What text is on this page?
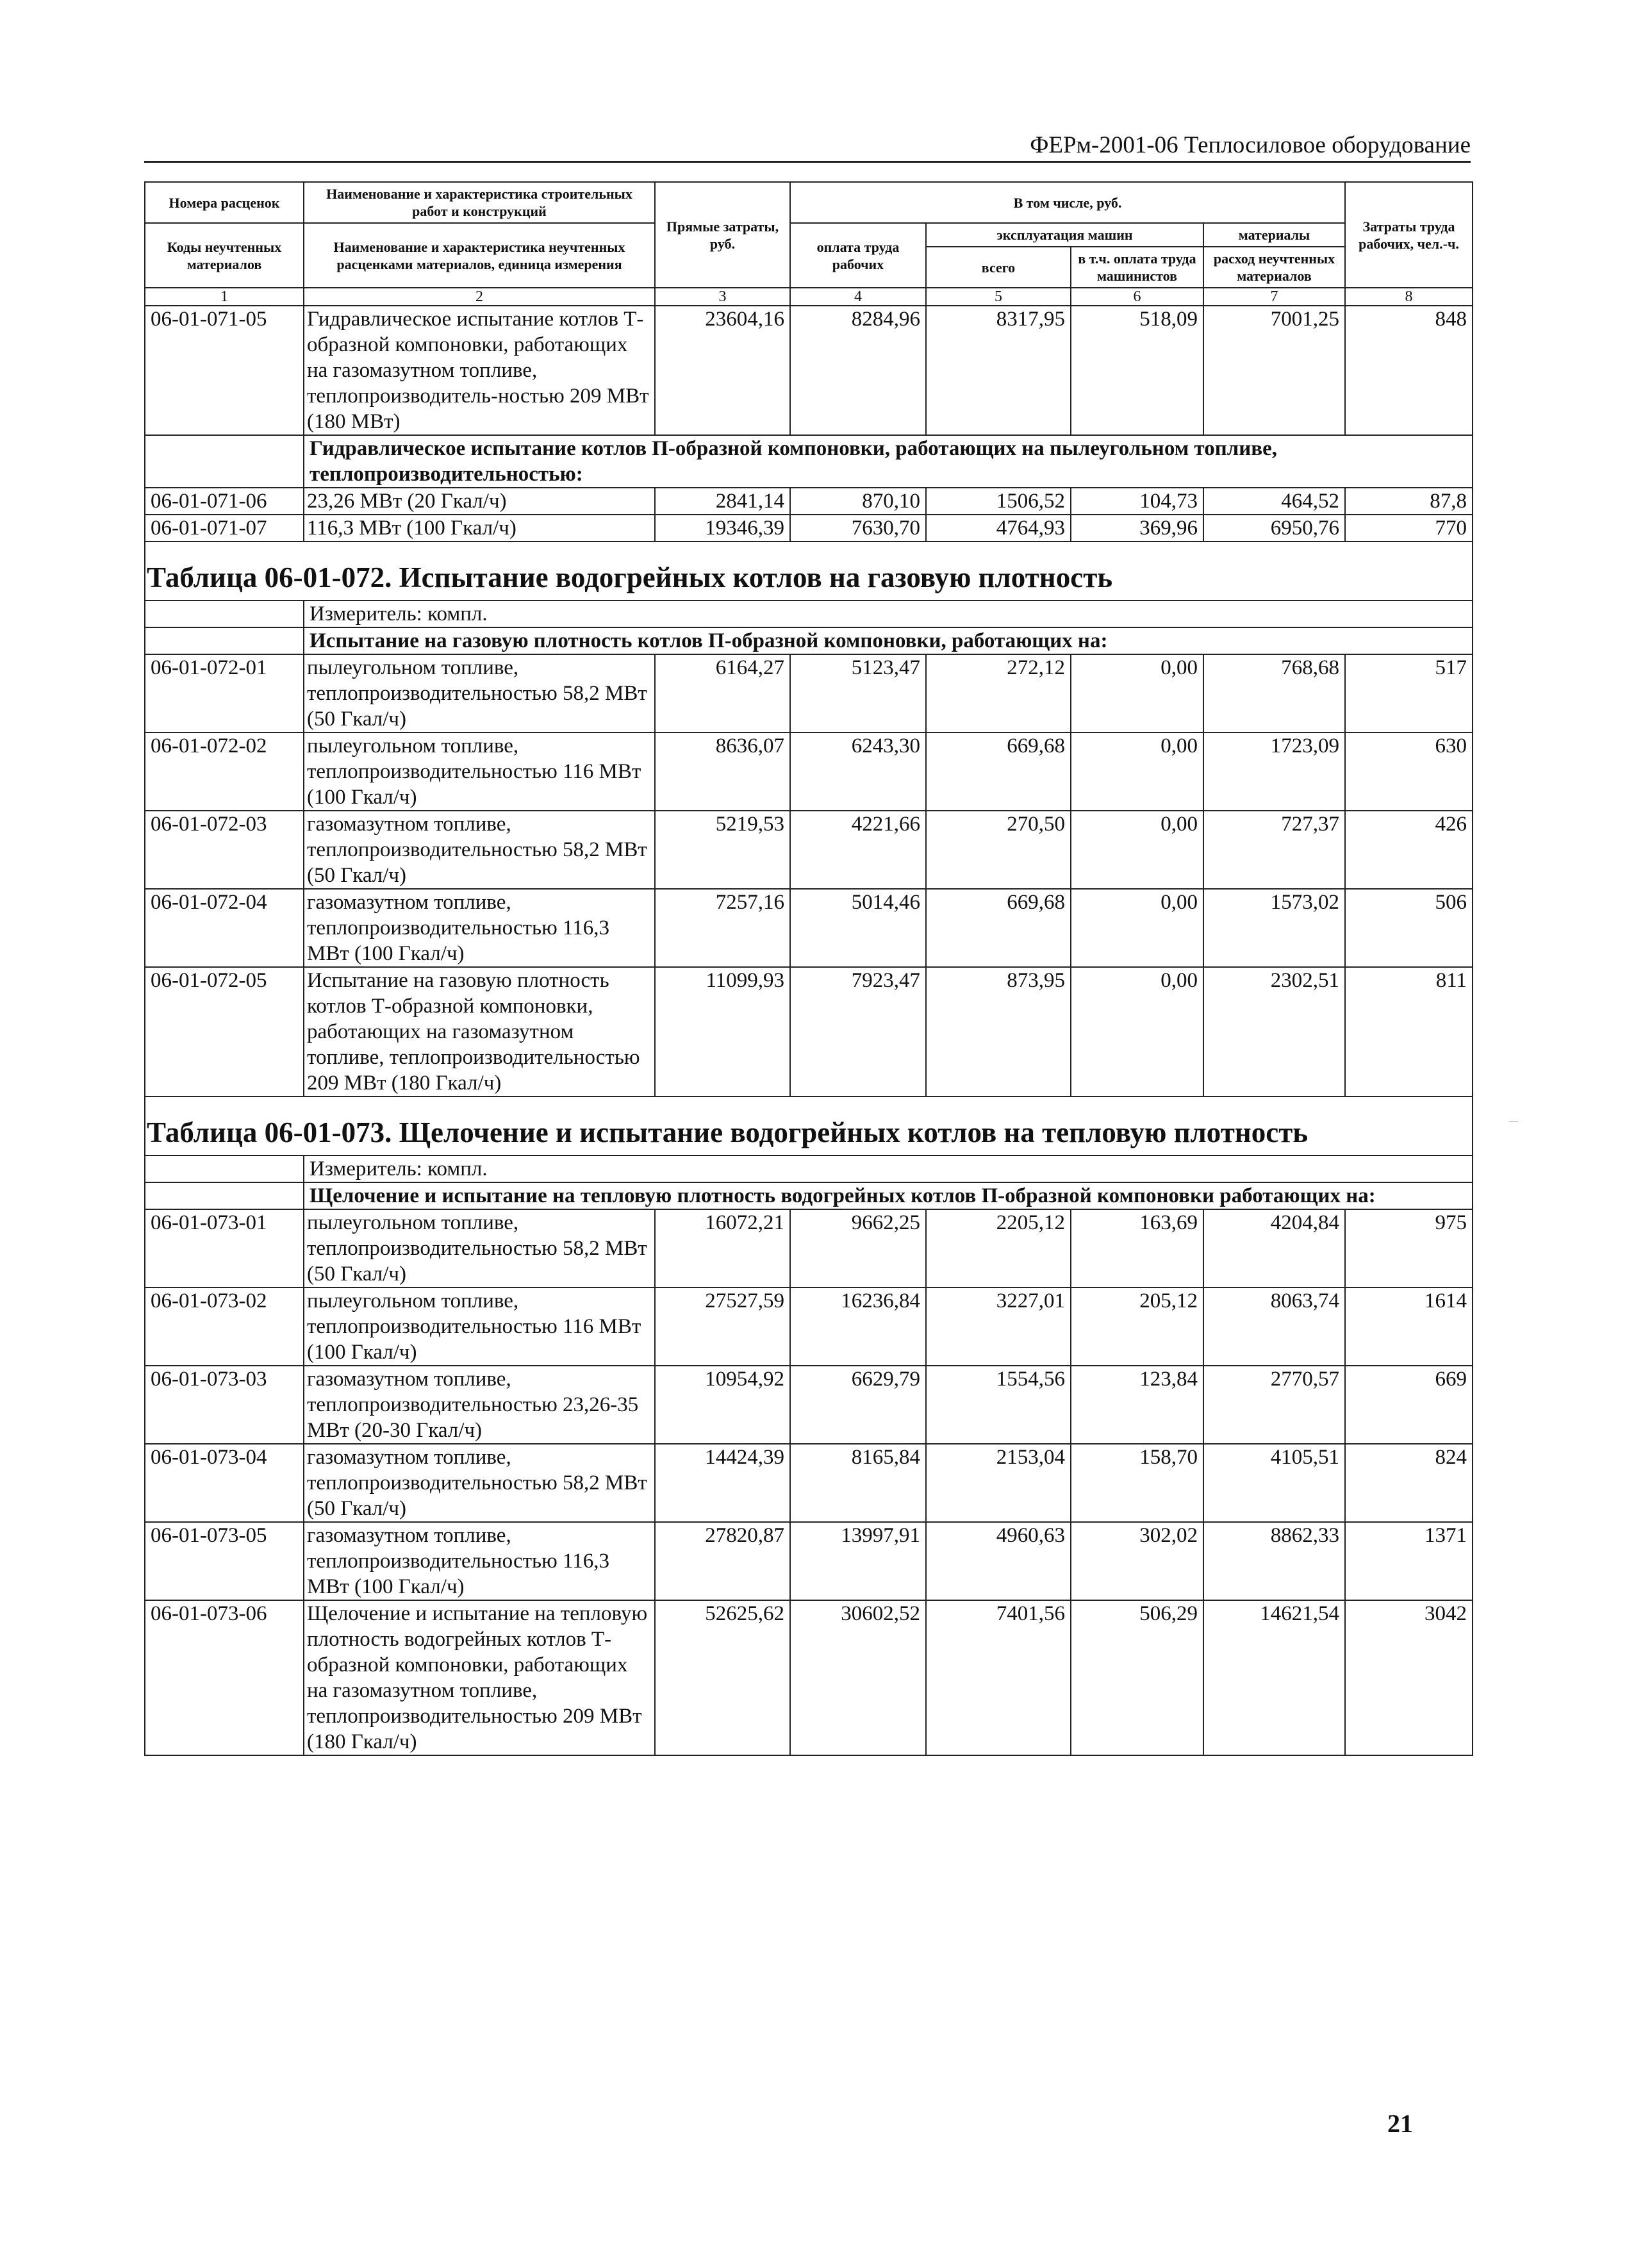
ФЕРм-2001-06 Теплосиловое оборудование
Номера расценок	Наименование и характеристика строительных работ и конструкций	Прямые затраты, руб.	В том числе, руб.				Затраты труда рабочих, чел.-ч.
Коды неучтенных материалов	Наименование и характеристика неучтенных расценками материалов, единица измерения		оплата труда рабочих	эксплуатация машин		материалы	
				всего	в т.ч. оплата труда машинистов	расход неучтенных материалов	
1	2	3	4	5	6	7	8
06-01-071-05	Гидравлическое испытание котлов Т-образной компоновки, работающих на газомазутном топливе, теплопроизводитель-ностью 209 МВт (180 МВт)	23604,16	8284,96	8317,95	518,09	7001,25	848
	Гидравлическое испытание котлов П-образной компоновки, работающих на пылеугольном топливе, теплопроизводительностью:						
06-01-071-06	23,26 МВт (20 Гкал/ч)	2841,14	870,10	1506,52	104,73	464,52	87,8
06-01-071-07	116,3 МВт (100 Гкал/ч)	19346,39	7630,70	4764,93	369,96	6950,76	770
Таблица 06-01-072. Испытание водогрейных котлов на газовую плотность							
	Измеритель: компл.						
	Испытание на газовую плотность котлов П-образной компоновки, работающих на:						
06-01-072-01	пылеугольном топливе, теплопроизводительностью 58,2 МВт (50 Гкал/ч)	6164,27	5123,47	272,12	0,00	768,68	517
06-01-072-02	пылеугольном топливе, теплопроизводительностью 116 МВт (100 Гкал/ч)	8636,07	6243,30	669,68	0,00	1723,09	630
06-01-072-03	газомазутном топливе, теплопроизводительностью 58,2 МВт (50 Гкал/ч)	5219,53	4221,66	270,50	0,00	727,37	426
06-01-072-04	газомазутном топливе, теплопроизводительностью 116,3 МВт (100 Гкал/ч)	7257,16	5014,46	669,68	0,00	1573,02	506
06-01-072-05	Испытание на газовую плотность котлов Т-образной компоновки, работающих на газомазутном топливе, теплопроизводительностью 209 МВт (180 Гкал/ч)	11099,93	7923,47	873,95	0,00	2302,51	811
Таблица 06-01-073. Щелочение и испытание водогрейных котлов на тепловую плотность							
	Измеритель: компл.						
	Щелочение и испытание на тепловую плотность водогрейных котлов П-образной компоновки работающих на:						
06-01-073-01	пылеугольном топливе, теплопроизводительностью 58,2 МВт (50 Гкал/ч)	16072,21	9662,25	2205,12	163,69	4204,84	975
06-01-073-02	пылеугольном топливе, теплопроизводительностью 116 МВт (100 Гкал/ч)	27527,59	16236,84	3227,01	205,12	8063,74	1614
06-01-073-03	газомазутном топливе, теплопроизводительностью 23,26-35 МВт (20-30 Гкал/ч)	10954,92	6629,79	1554,56	123,84	2770,57	669
06-01-073-04	газомазутном топливе, теплопроизводительностью 58,2 МВт (50 Гкал/ч)	14424,39	8165,84	2153,04	158,70	4105,51	824
06-01-073-05	газомазутном топливе, теплопроизводительностью 116,3 МВт (100 Гкал/ч)	27820,87	13997,91	4960,63	302,02	8862,33	1371
06-01-073-06	Щелочение и испытание на тепловую плотность водогрейных котлов Т-образной компоновки, работающих на газомазутном топливе, теплопроизводительностью 209 МВт (180 Гкал/ч)	52625,62	30602,52	7401,56	506,29	14621,54	3042
21
